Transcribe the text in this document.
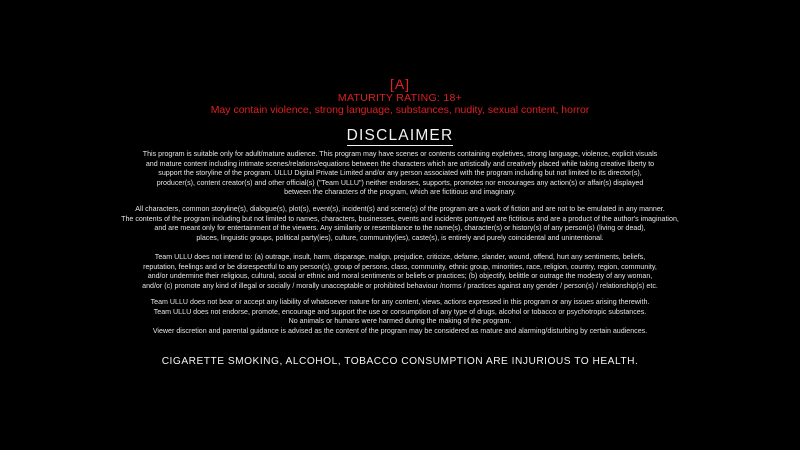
[A]
MATURITY RATING: 18+
May contain violence, strong language, substances, nudity, sexual content, horror
DISCLAIMER
This program is suitable only for adult/mature audience. This program may have scenes or contents containing expletives, strong language, violence, explicit visuals
and mature content including intimate scenes/relations/equations between the characters which are artistically and creatively placed while taking creative liberty to
support the storyline of the program. ULLU Digital Private Limited and/or any person associated with the program including but not limited to its director(s),
producer(s), content creator(s) and other official(s) ("Team ULLU") neither endorses, supports, promotes nor encourages any action(s) or affair(s) displayed
between the characters of the program, which are fictitious and imaginary.
All characters, common storyline(s), dialogue(s), plot(s), event(s), incident(s) and scene(s) of the program are a work of fiction and are not to be emulated in any manner.
The contents of the program including but not limited to names, characters, businesses, events and incidents portrayed are fictitious and are a product of the author's imagination,
and are meant only for entertainment of the viewers. Any similarity or resemblance to the name(s), character(s) or history(s) of any person(s) (living or dead),
places, linguistic groups, political party(ies), culture, community(ies), caste(s), is entirely and purely coincidental and unintentional.
Team ULLU does not intend to: (a) outrage, insult, harm, disparage, malign, prejudice, criticize, defame, slander, wound, offend, hurt any sentiments, beliefs,
reputation, feelings and or be disrespectful to any person(s), group of persons, class, community, ethnic group, minorities, race, religion, country, region, community,
and/or undermine their religious, cultural, social or ethnic and moral sentiments or beliefs or practices; (b) objectify, belittle or outrage the modesty of any woman,
and/or (c) promote any kind of illegal or socially / morally unacceptable or prohibited behaviour /norms / practices against any gender / person(s) / relationship(s) etc.
Team ULLU does not bear or accept any liability of whatsoever nature for any content, views, actions expressed in this program or any issues arising therewith.
Team ULLU does not endorse, promote, encourage and support the use or consumption of any type of drugs, alcohol or tobacco or psychotropic substances.
No animals or humans were harmed during the making of the program.
Viewer discretion and parental guidance is advised as the content of the program may be considered as mature and alarming/disturbing by certain audiences.
CIGARETTE SMOKING, ALCOHOL, TOBACCO CONSUMPTION ARE INJURIOUS TO HEALTH.
